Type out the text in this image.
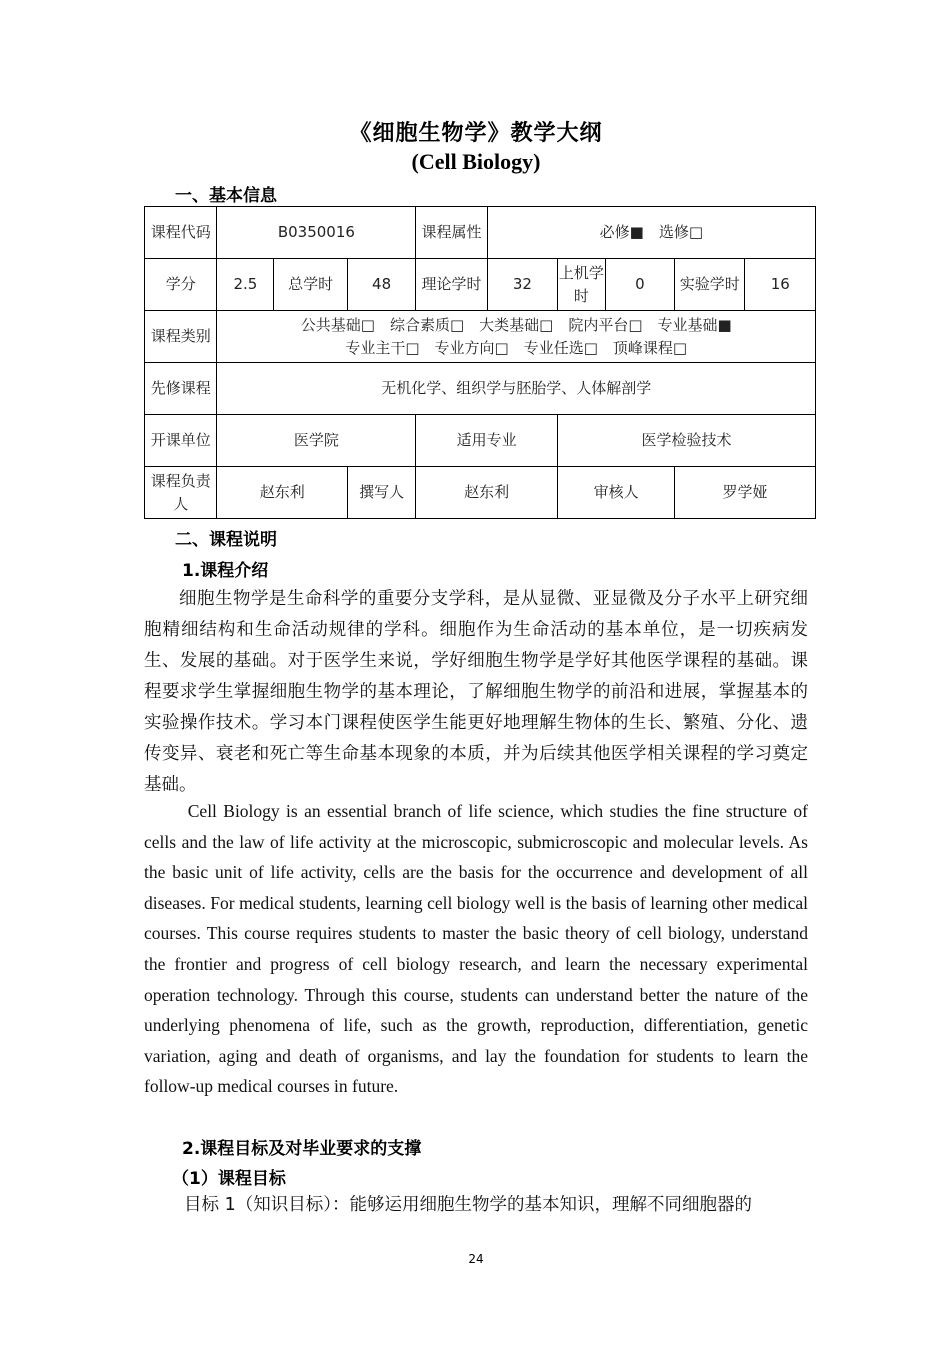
《细胞生物学》教学大纲
(Cell Biology)
一、基本信息
课程代码	B0350016			课程属性	必修■　选修□				
学分	2.5	总学时	48	理论学时	32	上机学时	0	实验学时	16
课程类别	公共基础□　综合素质□　大类基础□　院内平台□　专业基础■
专业主干□　专业方向□　专业任选□　顶峰课程□								

先修课程	无机化学、组织学与胚胎学、人体解剖学								
开课单位	医学院			适用专业		医学检验技术			
课程负责人	赵东利		撰写人	赵东利		审核人		罗学娅	
二、课程说明
1.课程介绍
细胞生物学是生命科学的重要分支学科，是从显微、亚显微及分子水平上研究细胞精细结构和生命活动规律的学科。细胞作为生命活动的基本单位，是一切疾病发生、发展的基础。对于医学生来说，学好细胞生物学是学好其他医学课程的基础。课程要求学生掌握细胞生物学的基本理论，了解细胞生物学的前沿和进展，掌握基本的实验操作技术。学习本门课程使医学生能更好地理解生物体的生长、繁殖、分化、遗传变异、衰老和死亡等生命基本现象的本质，并为后续其他医学相关课程的学习奠定基础。
Cell Biology is an essential branch of life science, which studies the fine structure of cells and the law of life activity at the microscopic, submicroscopic and molecular levels. As the basic unit of life activity, cells are the basis for the occurrence and development of all diseases. For medical students, learning cell biology well is the basis of learning other medical courses. This course requires students to master the basic theory of cell biology, understand the frontier and progress of cell biology research, and learn the necessary experimental operation technology. Through this course, students can understand better the nature of the underlying phenomena of life, such as the growth, reproduction, differentiation, genetic variation, aging and death of organisms, and lay the foundation for students to learn the follow-up medical courses in future.
2.课程目标及对毕业要求的支撑
（1）课程目标
目标 1（知识目标）：能够运用细胞生物学的基本知识，理解不同细胞器的
24
